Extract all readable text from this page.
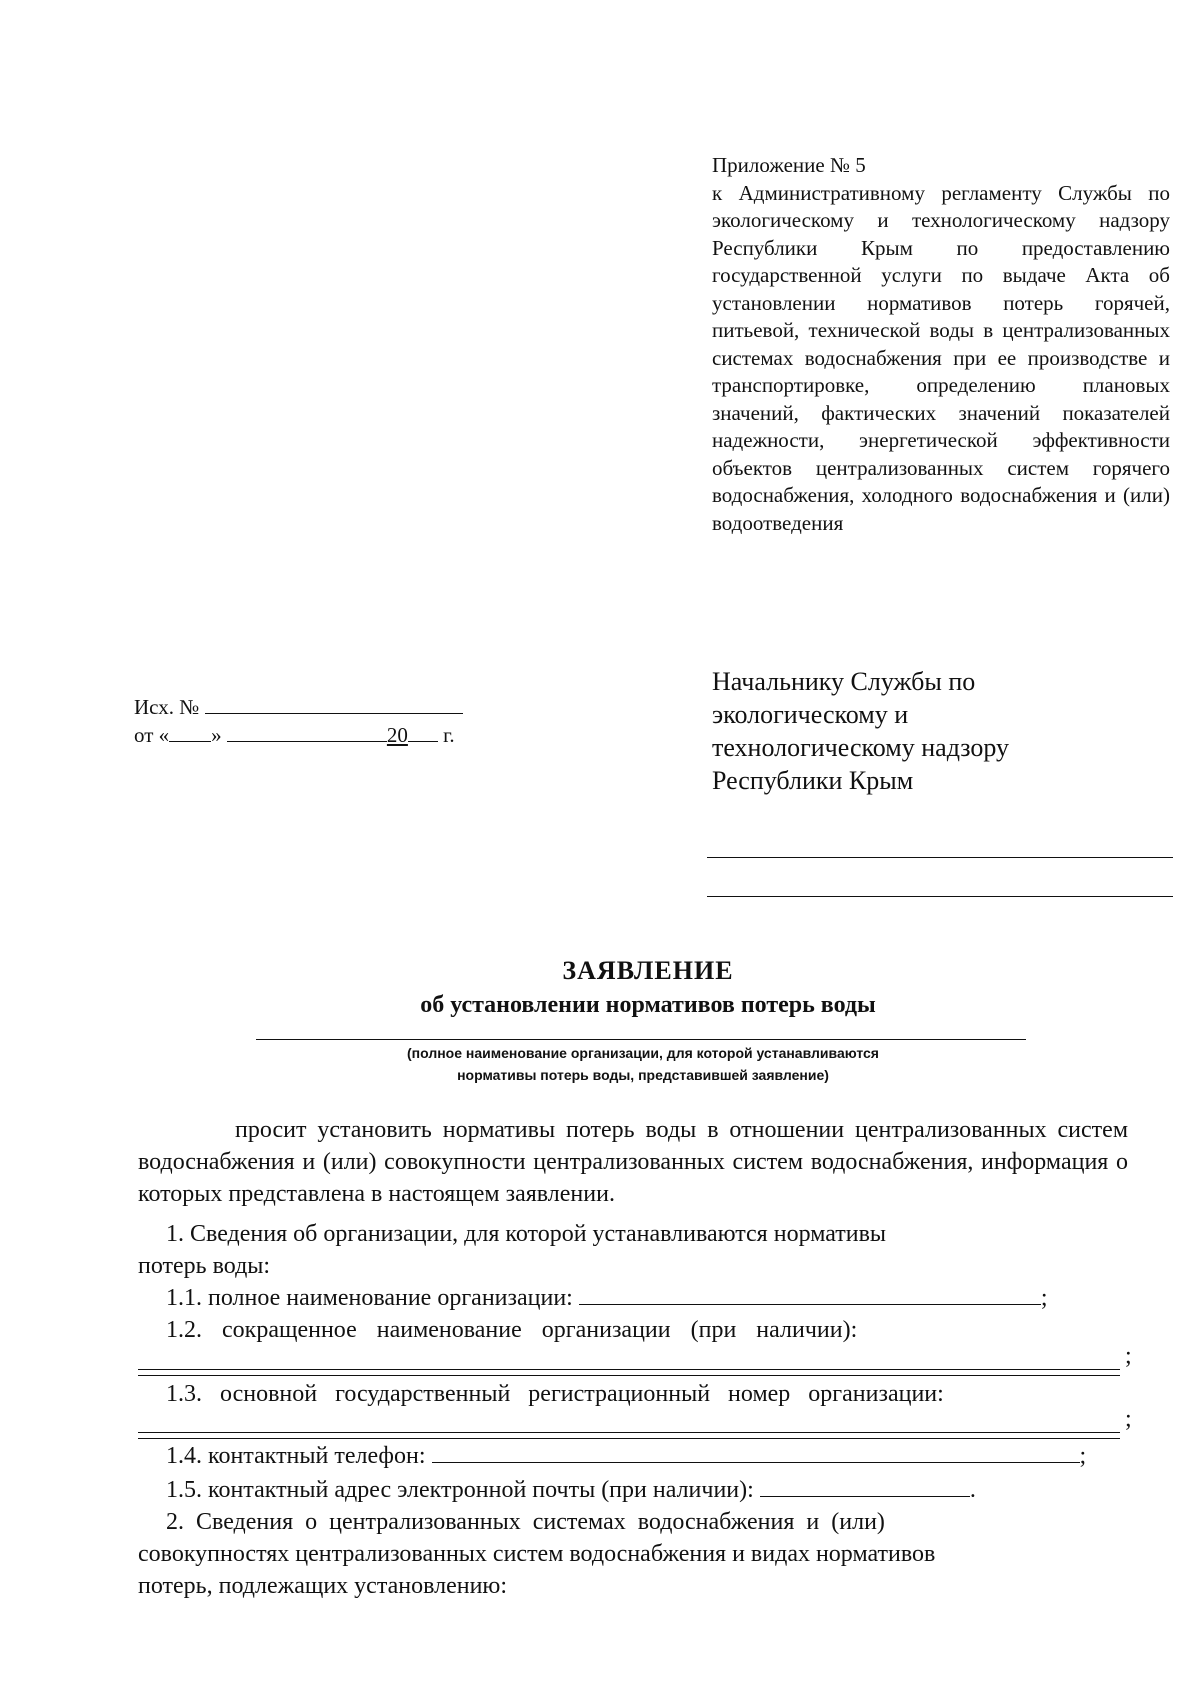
Приложение № 5

к Административному регламенту Службы по экологическому и технологическому надзору Республики Крым по предоставлению государственной услуги по выдаче Акта об установлении нормативов потерь горячей, питьевой, технической воды в централизованных системах водоснабжения при ее производстве и транспортировке, определению плановых значений, фактических значений показателей надежности, энергетической эффективности объектов централизованных систем горячего водоснабжения, холодного водоснабжения и (или) водоотведения

Начальнику Службы по
экологическому и
технологическому надзору
Республики Крым
Исх. №
от « »	20 г.
ЗАЯВЛЕНИЕ
об установлении нормативов потерь воды
(полное наименование организации, для которой устанавливаются
нормативы потерь воды, представившей заявление)

просит установить нормативы потерь воды в отношении централизованных систем водоснабжения и (или) совокупности централизованных систем водоснабжения, информация о которых представлена в настоящем заявлении.

1. Сведения об организации, для которой устанавливаются нормативы
потерь воды:
1.1. полное наименование организации:	;
1.2. сокращенное наименование организации (при наличии):
;
1.3. основной государственный регистрационный номер организации:
;
1.4. контактный телефон:	;
1.5. контактный адрес электронной почты (при наличии):	.
2. Сведения о централизованных системах водоснабжения и (или)
совокупностях централизованных систем водоснабжения и видах нормативов
потерь, подлежащих установлению:
